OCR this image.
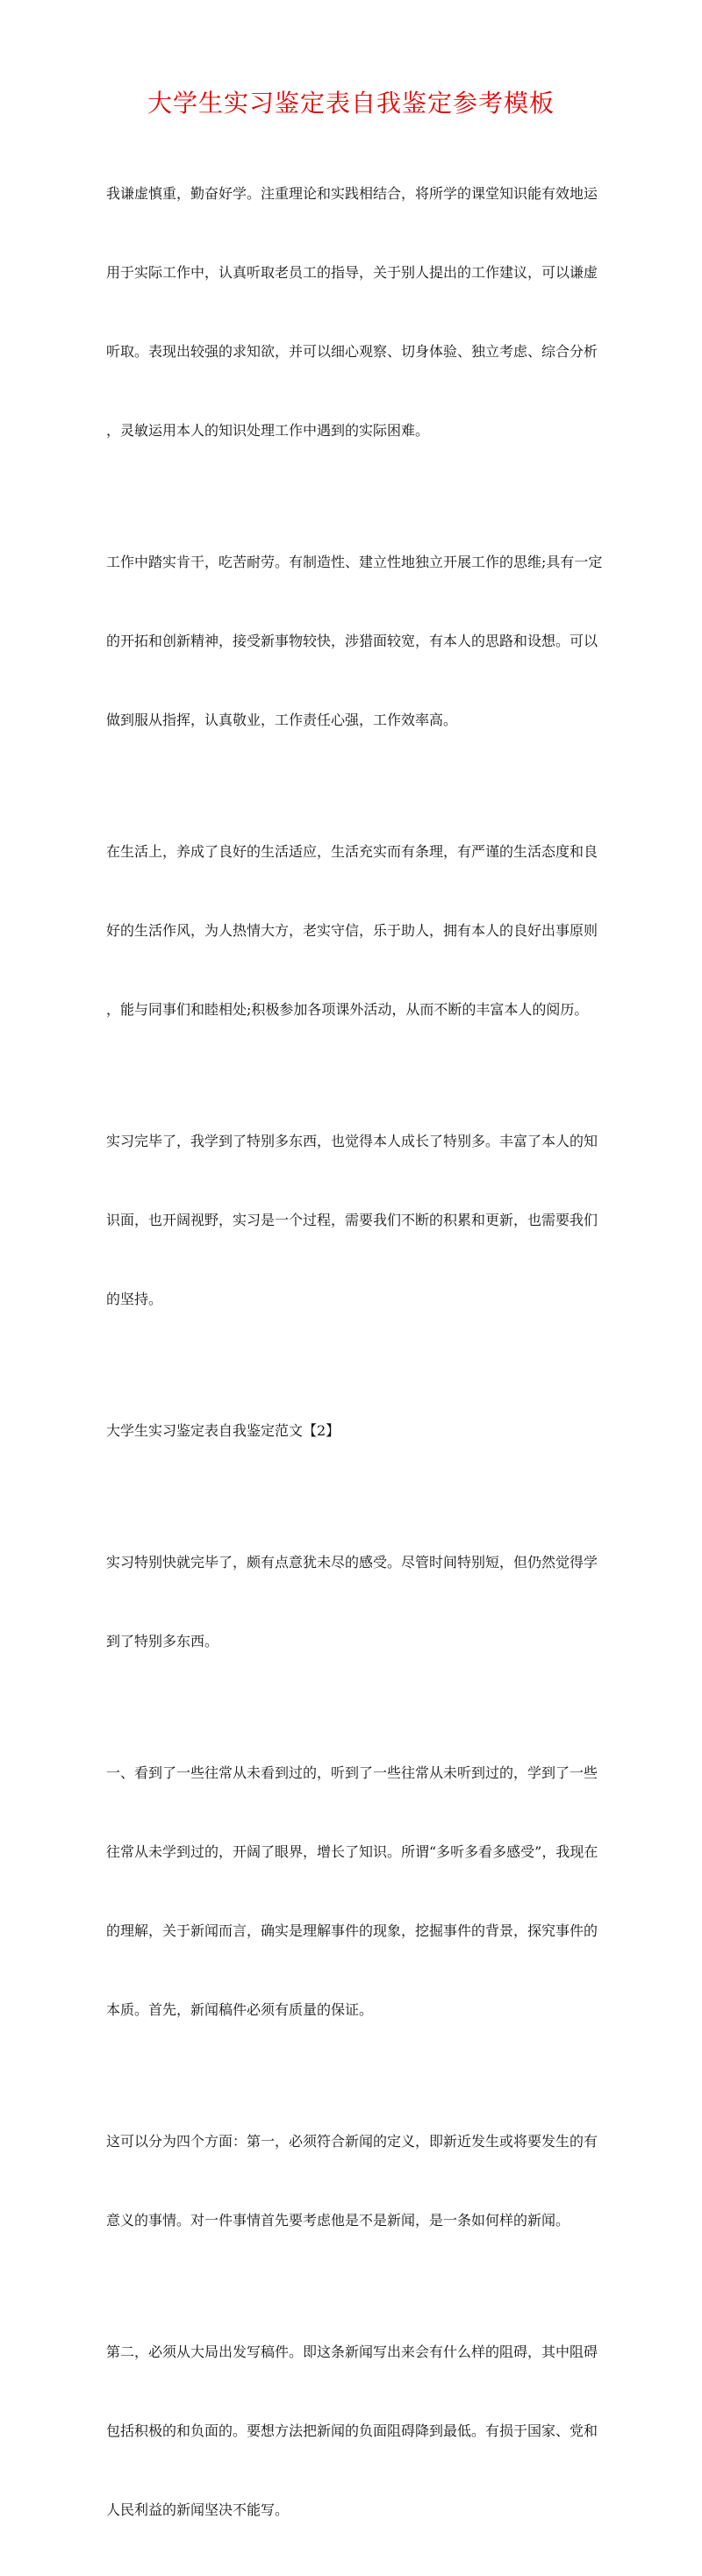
大学生实习鉴定表自我鉴定参考模板

我谦虚慎重，勤奋好学。注重理论和实践相结合，将所学的课堂知识能有效地运

用于实际工作中，认真听取老员工的指导，关于别人提出的工作建议，可以谦虚

听取。表现出较强的求知欲，并可以细心观察、切身体验、独立考虑、综合分析

，灵敏运用本人的知识处理工作中遇到的实际困难。

工作中踏实肯干，吃苦耐劳。有制造性、建立性地独立开展工作的思维;具有一定

的开拓和创新精神，接受新事物较快，涉猎面较宽，有本人的思路和设想。可以

做到服从指挥，认真敬业，工作责任心强，工作效率高。

在生活上，养成了良好的生活适应，生活充实而有条理，有严谨的生活态度和良

好的生活作风，为人热情大方，老实守信，乐于助人，拥有本人的良好出事原则

，能与同事们和睦相处;积极参加各项课外活动，从而不断的丰富本人的阅历。

实习完毕了，我学到了特别多东西，也觉得本人成长了特别多。丰富了本人的知

识面，也开阔视野，实习是一个过程，需要我们不断的积累和更新，也需要我们

的坚持。

大学生实习鉴定表自我鉴定范文【2】

实习特别快就完毕了，颇有点意犹未尽的感受。尽管时间特别短，但仍然觉得学

到了特别多东西。

一、看到了一些往常从未看到过的，听到了一些往常从未听到过的，学到了一些

往常从未学到过的，开阔了眼界，增长了知识。所谓“多听多看多感受”，我现在

的理解，关于新闻而言，确实是理解事件的现象，挖掘事件的背景，探究事件的

本质。首先，新闻稿件必须有质量的保证。

这可以分为四个方面：第一，必须符合新闻的定义，即新近发生或将要发生的有

意义的事情。对一件事情首先要考虑他是不是新闻，是一条如何样的新闻。

第二，必须从大局出发写稿件。即这条新闻写出来会有什么样的阻碍，其中阻碍

包括积极的和负面的。要想方法把新闻的负面阻碍降到最低。有损于国家、党和

人民利益的新闻坚决不能写。
